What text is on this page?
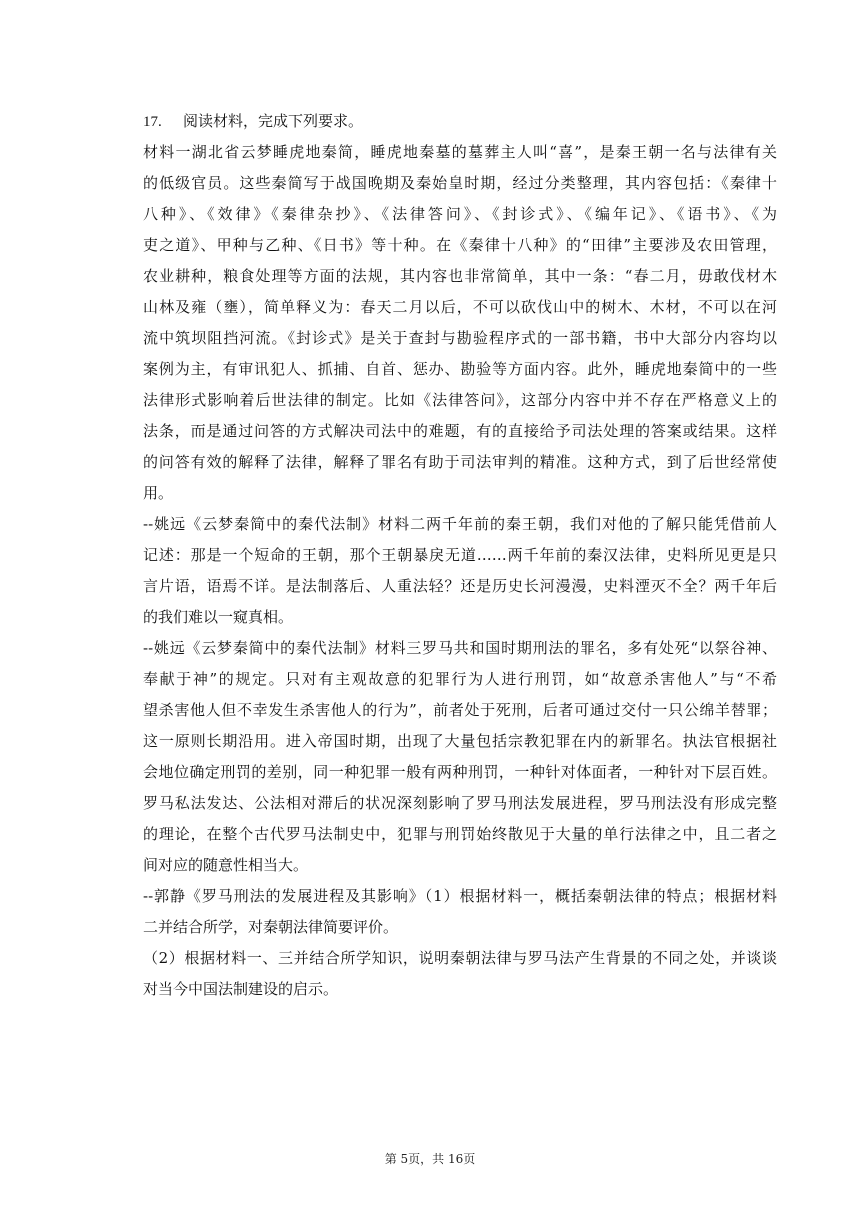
17. 阅读材料，完成下列要求。
材料一湖北省云梦睡虎地秦简，睡虎地秦墓的墓葬主人叫“喜”，是秦王朝一名与法律有关
的低级官员。这些秦简写于战国晚期及秦始皇时期，经过分类整理，其内容包括：《秦律十
八种》、《效律》《秦律杂抄》、《法律答问》、《封诊式》、《编年记》、《语书》、《为
吏之道》、甲种与乙种、《日书》等十种。在《秦律十八种》的“田律”主要涉及农田管理，
农业耕种，粮食处理等方面的法规，其内容也非常简单，其中一条：“春二月，毋敢伐材木
山林及雍（壅），简单释义为：春天二月以后，不可以砍伐山中的树木、木材，不可以在河
流中筑坝阻挡河流。《封诊式》是关于查封与勘验程序式的一部书籍，书中大部分内容均以
案例为主，有审讯犯人、抓捕、自首、惩办、勘验等方面内容。此外，睡虎地秦简中的一些
法律形式影响着后世法律的制定。比如《法律答问》，这部分内容中并不存在严格意义上的
法条，而是通过问答的方式解决司法中的难题，有的直接给予司法处理的答案或结果。这样
的问答有效的解释了法律，解释了罪名有助于司法审判的精准。这种方式，到了后世经常使
用。
--姚远《云梦秦简中的秦代法制》材料二两千年前的秦王朝，我们对他的了解只能凭借前人
记述：那是一个短命的王朝，那个王朝暴戾无道……两千年前的秦汉法律，史料所见更是只
言片语，语焉不详。是法制落后、人重法轻？还是历史长河漫漫，史料湮灭不全？两千年后
的我们难以一窥真相。
--姚远《云梦秦简中的秦代法制》材料三罗马共和国时期刑法的罪名，多有处死“以祭谷神、
奉献于神”的规定。只对有主观故意的犯罪行为人进行刑罚，如“故意杀害他人”与“不希
望杀害他人但不幸发生杀害他人的行为”，前者处于死刑，后者可通过交付一只公绵羊替罪；
这一原则长期沿用。进入帝国时期，出现了大量包括宗教犯罪在内的新罪名。执法官根据社
会地位确定刑罚的差别，同一种犯罪一般有两种刑罚，一种针对体面者，一种针对下层百姓。
罗马私法发达、公法相对滞后的状况深刻影响了罗马刑法发展进程，罗马刑法没有形成完整
的理论，在整个古代罗马法制史中，犯罪与刑罚始终散见于大量的单行法律之中，且二者之
间对应的随意性相当大。
--郭静《罗马刑法的发展进程及其影响》（1）根据材料一，概括秦朝法律的特点；根据材料
二并结合所学，对秦朝法律简要评价。
（2）根据材料一、三并结合所学知识，说明秦朝法律与罗马法产生背景的不同之处，并谈谈
对当今中国法制建设的启示。
第 5页，共 16页
